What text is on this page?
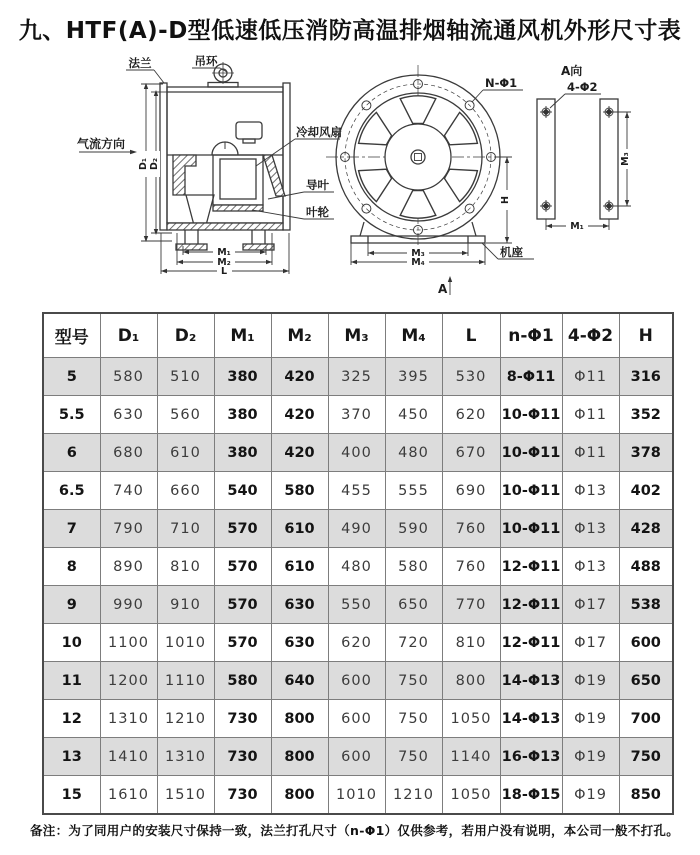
九、HTF(A)-D型低速低压消防高温排烟轴流通风机外形尺寸表
D₁ D₂
M₁
M₂
L
法兰	吊环
气流方向
冷却风扇
导叶
叶轮
H
M₃
M₄
N-Φ1
机座
A
M₃
M₁
A向
4-Φ2
型号	D₁	D₂	M₁	M₂	M₃	M₄	L	n-Φ1	4-Φ2	H
5	580	510	380	420	325	395	530	8-Φ11	Φ11	316
5.5	630	560	380	420	370	450	620	10-Φ11	Φ11	352
6	680	610	380	420	400	480	670	10-Φ11	Φ11	378
6.5	740	660	540	580	455	555	690	10-Φ11	Φ13	402
7	790	710	570	610	490	590	760	10-Φ11	Φ13	428
8	890	810	570	610	480	580	760	12-Φ11	Φ13	488
9	990	910	570	630	550	650	770	12-Φ11	Φ17	538
10	1100	1010	570	630	620	720	810	12-Φ11	Φ17	600
11	1200	1110	580	640	600	750	800	14-Φ13	Φ19	650
12	1310	1210	730	800	600	750	1050	14-Φ13	Φ19	700
13	1410	1310	730	800	600	750	1140	16-Φ13	Φ19	750
15	1610	1510	730	800	1010	1210	1050	18-Φ15	Φ19	850
备注：为了同用户的安装尺寸保持一致，法兰打孔尺寸（n-Φ1）仅供参考，若用户没有说明，本公司一般不打孔。
